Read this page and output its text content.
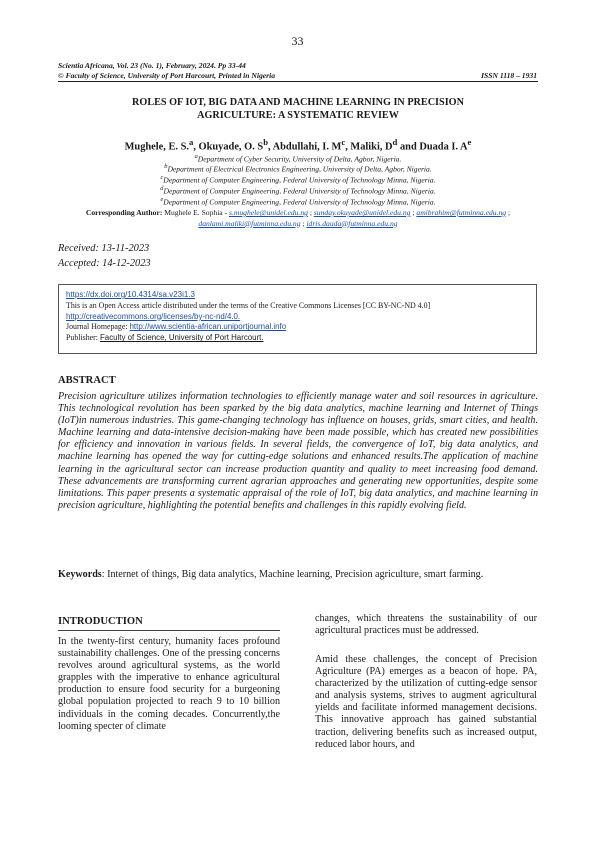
33
Scientia Africana, Vol. 23 (No. 1), February, 2024. Pp 33-44
© Faculty of Science, University of Port Harcourt, Printed in Nigeria	ISSN 1118 – 1931
ROLES OF IOT, BIG DATA AND MACHINE LEARNING IN PRECISION
AGRICULTURE: A SYSTEMATIC REVIEW
Mughele, E. S.$^a$, Okuyade, O. $S^b$, Abdullahi, I. $M^c$, Maliki, $D^d$ and Duada I. $A^e$
$^a$Department of Cyber Security, University of Delta, Agbor, Nigeria.
$^b$Department of Electrical Electronics Engineering, University of Delta, Agbor, Nigeria.
$^c$Department of Computer Engineering, Federal University of Technology Minna, Nigeria.
$^d$Department of Computer Engineering, Federal University of Technology Minna, Nigeria.
$^e$Department of Computer Engineering, Federal University of Technology Minna, Nigeria.
Corresponding Author: Mughele E. Sophia - s.mughele@unidel.edu.ng ; sunday.okuyade@unidel.edu.ng ; amibrahim@futminna.edu.ng ; danlami.maliki@futminna.edu.ng ; idris.dauda@futminna.edu.ng
Received: 13-11-2023
Accepted: 14-12-2023
https://dx.doi.org/10.4314/sa.v23i1.3
This is an Open Access article distributed under the terms of the Creative Commons Licenses [CC BY-NC-ND 4.0]
http://creativecommons.org/licenses/by-nc-nd/4.0.
Journal Homepage: http://www.scientia-african.uniportjournal.info
Publisher: Faculty of Science, University of Port Harcourt.
ABSTRACT
Precision agriculture utilizes information technologies to efficiently manage water and soil resources in agriculture. This technological revolution has been sparked by the big data analytics, machine learning and Internet of Things (IoT)in numerous industries. This game-changing technology has influence on houses, grids, smart cities, and health. Machine learning and data-intensive decision-making have been made possible, which has created new possibilities for efficiency and innovation in various fields. In several fields, the convergence of IoT, big data analytics, and machine learning has opened the way for cutting-edge solutions and enhanced results.The application of machine learning in the agricultural sector can increase production quantity and quality to meet increasing food demand. These advancements are transforming current agrarian approaches and generating new opportunities, despite some limitations. This paper presents a systematic appraisal of the role of IoT, big data analytics, and machine learning in precision agriculture, highlighting the potential benefits and challenges in this rapidly evolving field.
Keywords: Internet of things, Big data analytics, Machine learning, Precision agriculture, smart farming.
INTRODUCTION
In the twenty-first century, humanity faces profound sustainability challenges. One of the pressing concerns revolves around agricultural systems, as the world grapples with the imperative to enhance agricultural production to ensure food security for a burgeoning global population projected to reach 9 to 10 billion individuals in the coming decades. Concurrently,the looming specter of climate
changes, which threatens the sustainability of our agricultural practices must be addressed.
Amid these challenges, the concept of Precision Agriculture (PA) emerges as a beacon of hope. PA, characterized by the utilization of cutting-edge sensor and analysis systems, strives to augment agricultural yields and facilitate informed management decisions. This innovative approach has gained substantial traction, delivering benefits such as increased output, reduced labor hours, and
